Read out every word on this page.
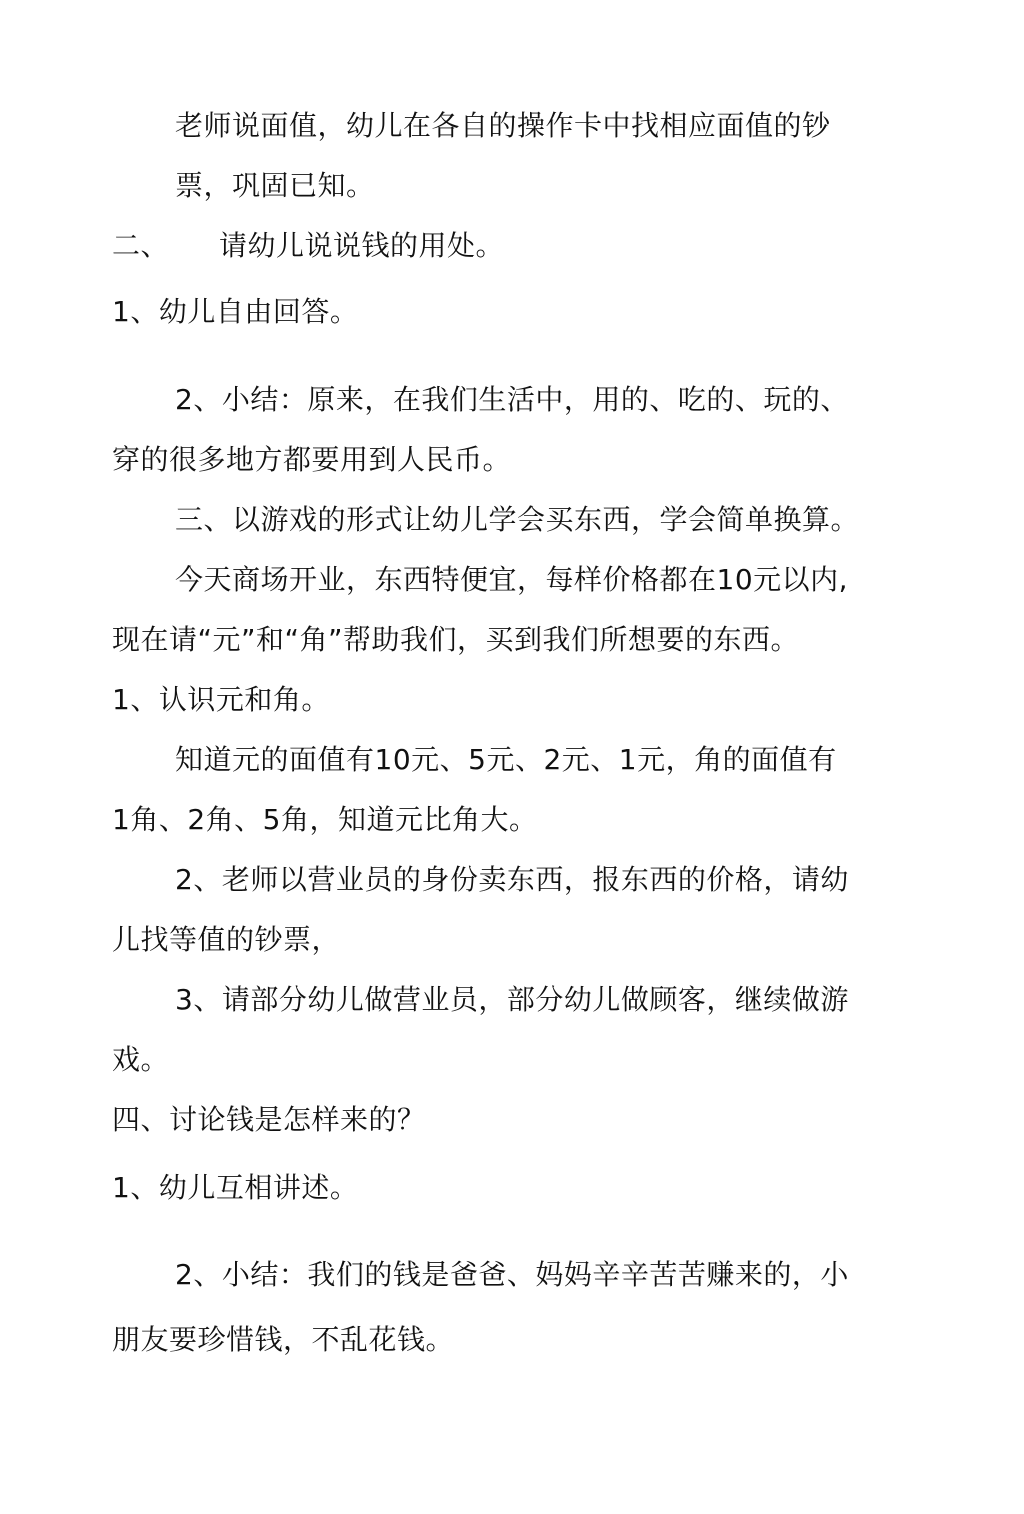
老师说面值，幼儿在各自的操作卡中找相应面值的钞
票，巩固已知。
二、 请幼儿说说钱的用处。
1、幼儿自由回答。
2、小结：原来，在我们生活中，用的、吃的、玩的、
穿的很多地方都要用到人民币。
三、以游戏的形式让幼儿学会买东西，学会简单换算。
今天商场开业，东西特便宜，每样价格都在10元以内,
现在请“元”和“角”帮助我们，买到我们所想要的东西。
1、认识元和角。
知道元的面值有10元、5元、2元、1元，角的面值有
1角、2角、5角，知道元比角大。
2、老师以营业员的身份卖东西，报东西的价格，请幼
儿找等值的钞票，
3、请部分幼儿做营业员，部分幼儿做顾客，继续做游
戏。
四、讨论钱是怎样来的？
1、幼儿互相讲述。
2、小结：我们的钱是爸爸、妈妈辛辛苦苦赚来的，小
朋友要珍惜钱，不乱花钱。
